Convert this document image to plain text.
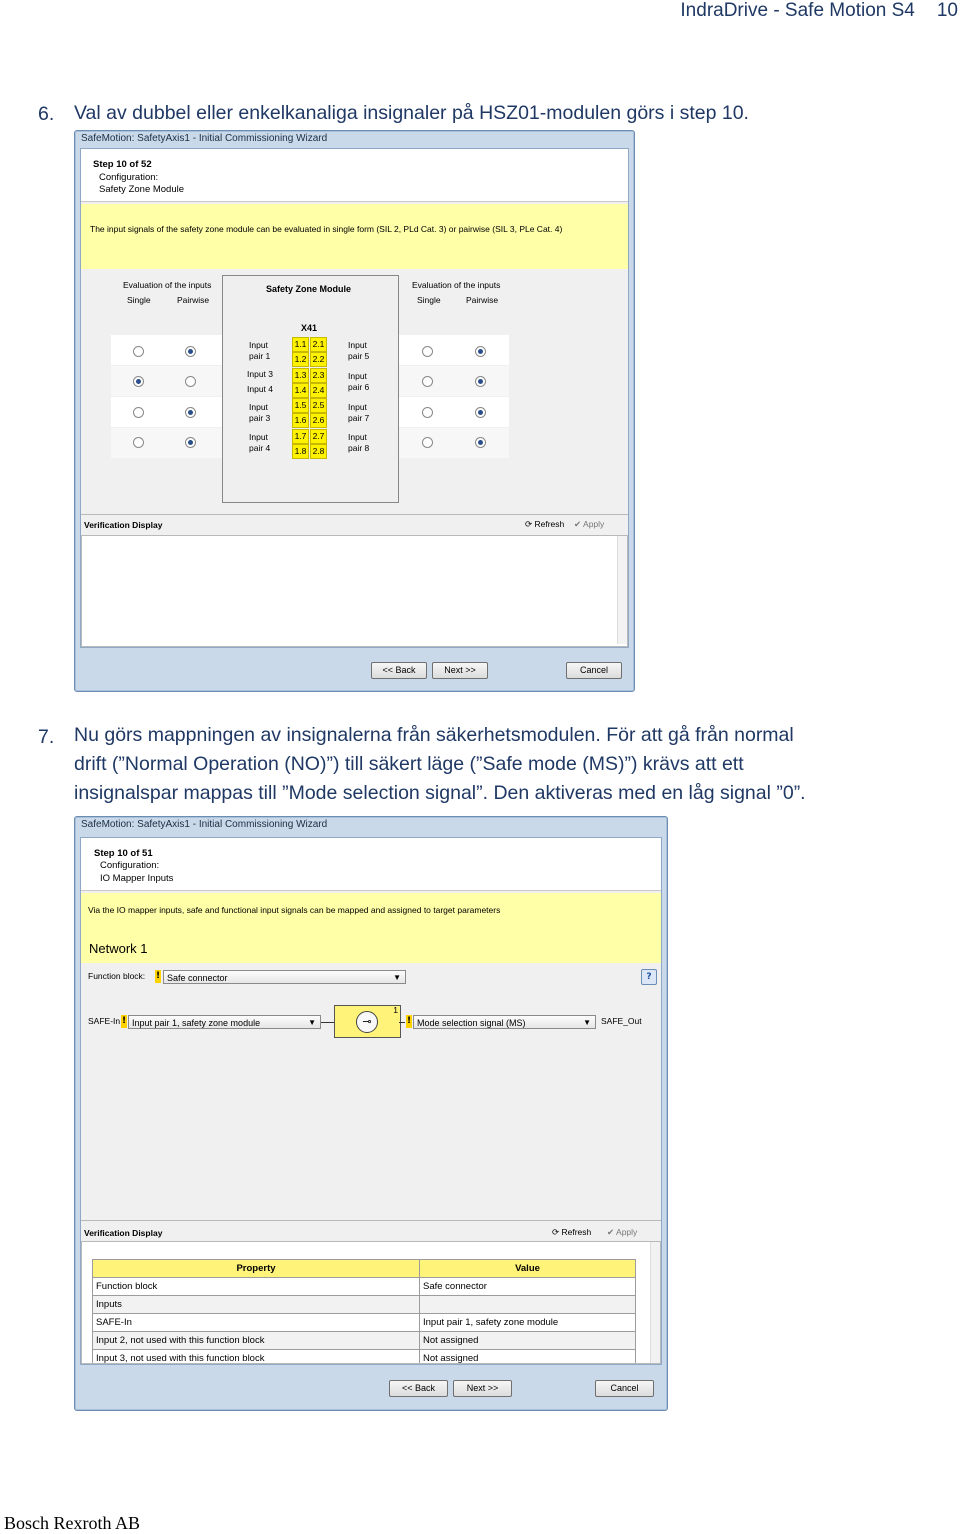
IndraDrive - Safe Motion S4 10
6. Val av dubbel eller enkelkanaliga insignaler på HSZ01-modulen görs i step 10.
SafeMotion: SafetyAxis1 - Initial Commissioning Wizard
Step 10 of 52
Configuration:
Safety Zone Module
The input signals of the safety zone module can be evaluated in single form (SIL 2, PLd Cat. 3) or pairwise (SIL 3, PLe Cat. 4)
Evaluation of the inputs
Single	Pairwise
Evaluation of the inputs
Single	Pairwise
Safety Zone Module
X41
Input
pair 1
Input 3
Input 4
Input
pair 3
Input
pair 4
Input
pair 5
Input
pair 6
Input
pair 7
Input
pair 8
1.1 2.1
1.2 2.2
1.3 2.3
1.4 2.4
1.5 2.5
1.6 2.6
1.7 2.7
1.8 2.8
Verification Display	⟳ Refresh ✔ Apply
<< Back	Next >>	Cancel
7. Nu görs mappningen av insignalerna från säkerhetsmodulen. För att gå från normal
drift (”Normal Operation (NO)”) till säkert läge (”Safe mode (MS)”) krävs att ett
insignalspar mappas till ”Mode selection signal”. Den aktiveras med en låg signal ”0”.
SafeMotion: SafetyAxis1 - Initial Commissioning Wizard
Step 10 of 51
Configuration:
IO Mapper Inputs
Via the IO mapper inputs, safe and functional input signals can be mapped and assigned to target parameters
Network 1
Function block: ! Safe connector	▼	?
SAFE-In ! Input pair 1, safety zone module	▼	⊸
1
! Mode selection signal (MS)	▼ SAFE_Out
Verification Display	⟳ Refresh ✔ Apply
Property	Value
Function block	Safe connector
Inputs	
SAFE-In	Input pair 1, safety zone module
Input 2, not used with this function block	Not assigned
Input 3, not used with this function block	Not assigned
<< Back	Next >>	Cancel
Bosch Rexroth AB
